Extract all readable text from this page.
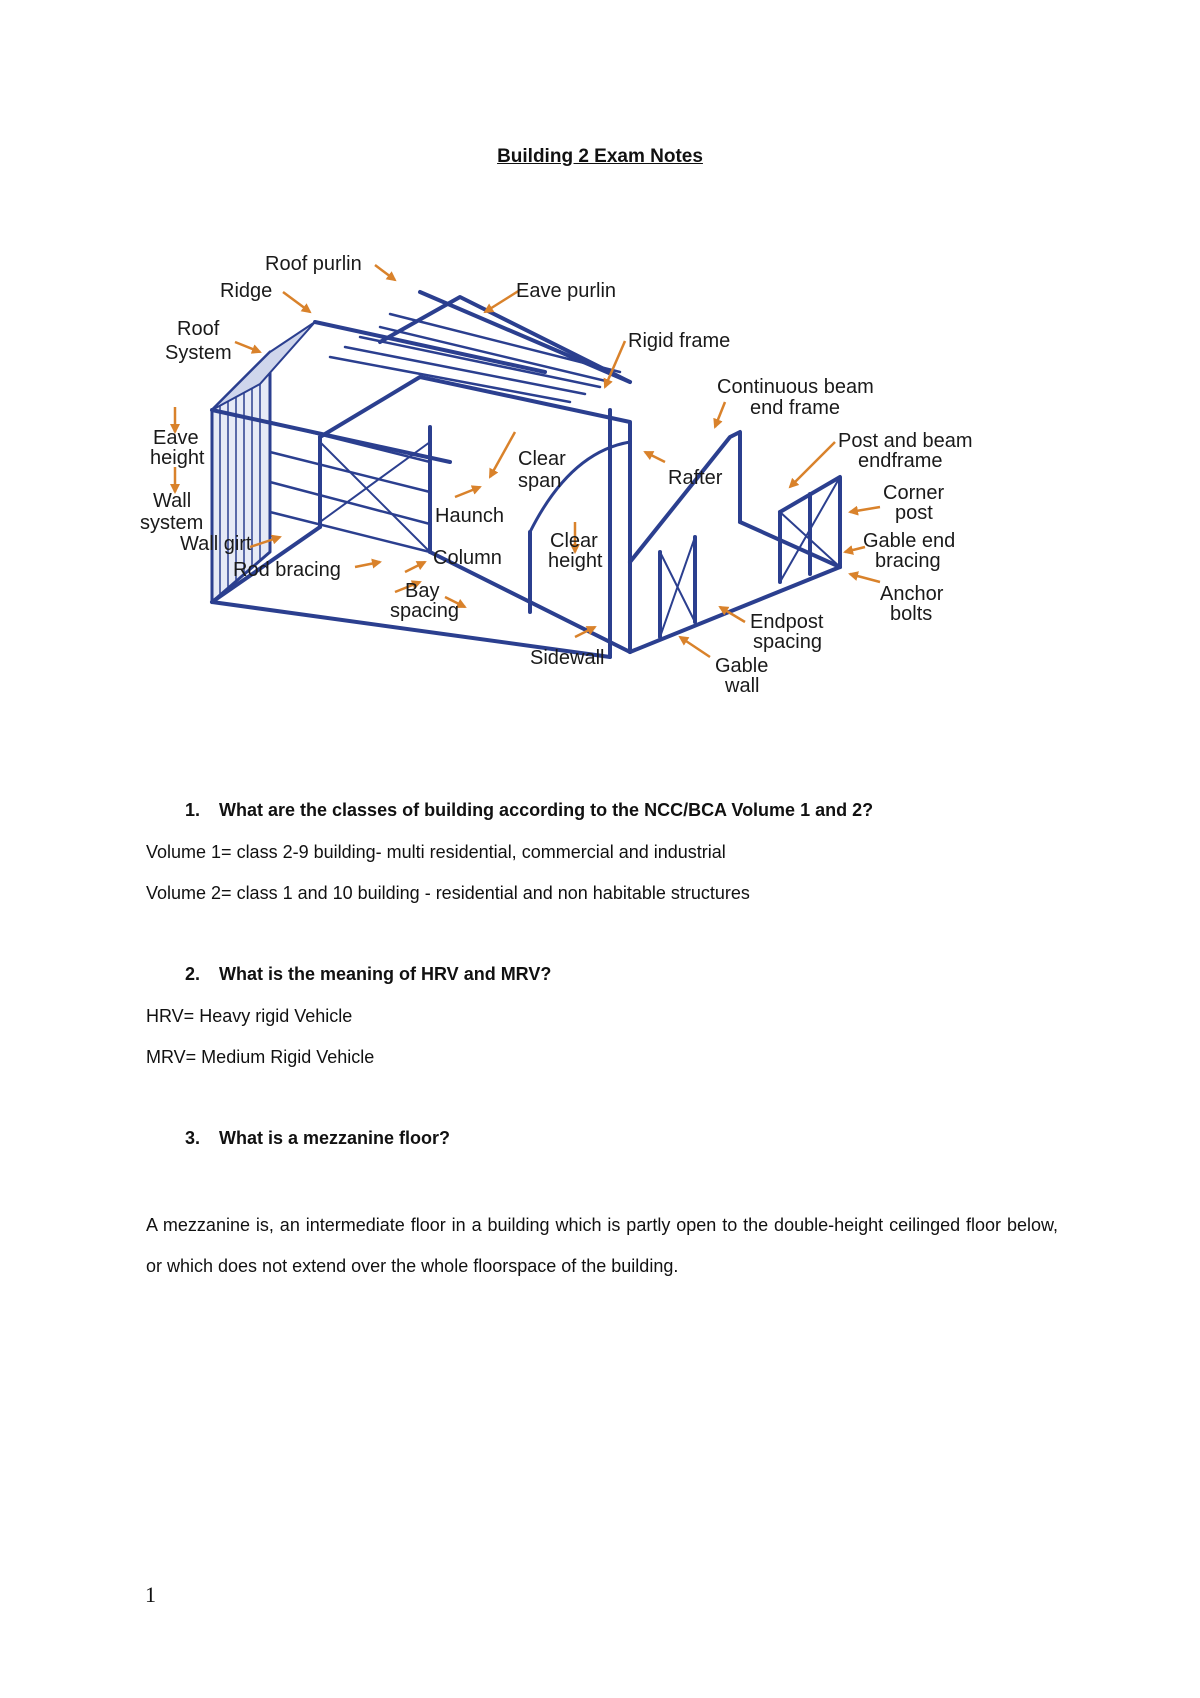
Building 2 Exam Notes
Roof purlin
Ridge	Eave purlin
Roof
System
Rigid frame
Continuous beam
end frame
Eave
height
Post and beam
endframe
Clear
span	Rafter
Wall
system
Corner
post
Haunch
Wall girt	Clear
height
Gable end
bracing
Column
Rod bracing
Bay
spacing
Anchor
bolts
Endpost
spacing
Sidewall	Gable
wall
1. What are the classes of building according to the NCC/BCA Volume 1 and 2?
Volume 1= class 2-9 building- multi residential, commercial and industrial
Volume 2= class 1 and 10 building - residential and non habitable structures
2. What is the meaning of HRV and MRV?
HRV= Heavy rigid Vehicle
MRV= Medium Rigid Vehicle
3. What is a mezzanine floor?
A mezzanine is, an intermediate floor in a building which is partly open to the double-height ceilinged floor below, or which does not extend over the whole floorspace of the building.
1
